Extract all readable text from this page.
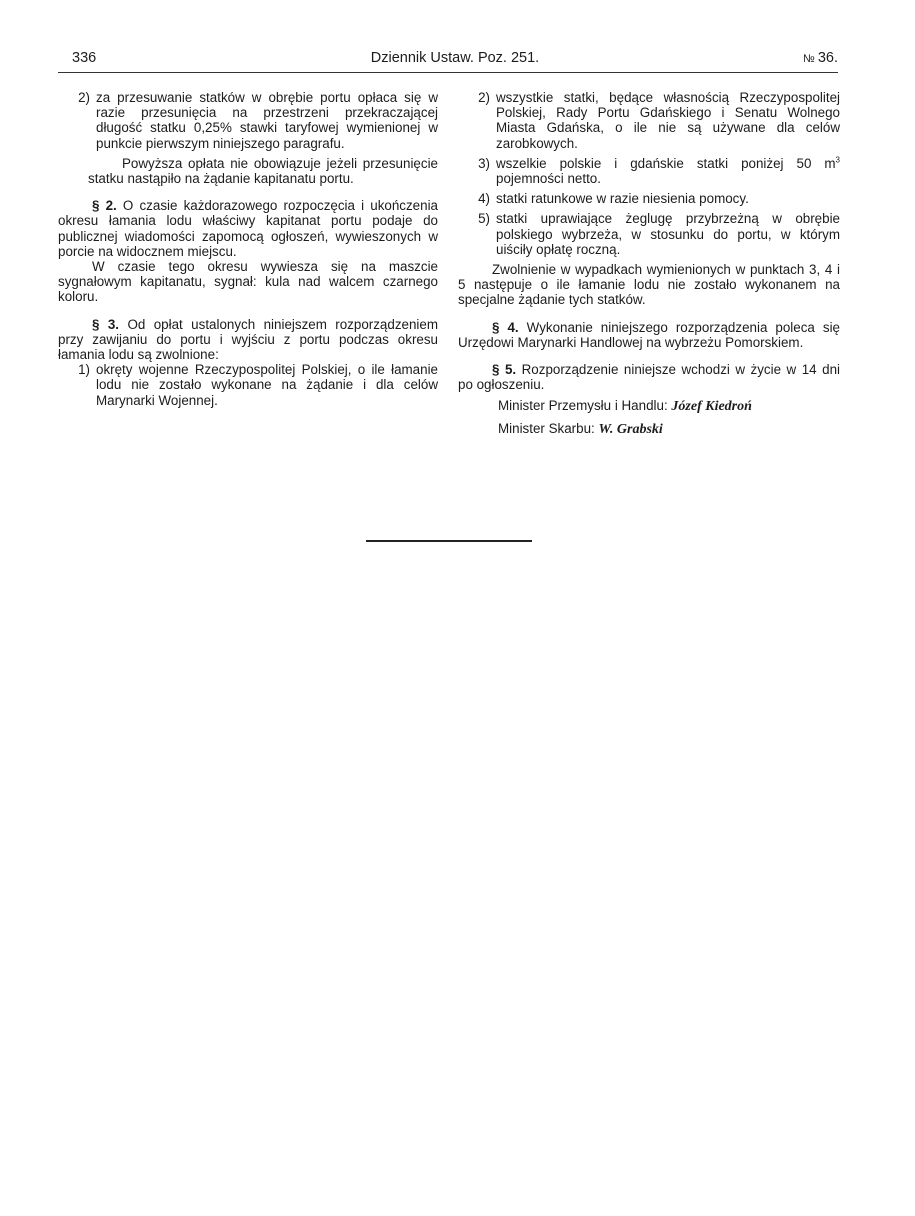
336	Dziennik Ustaw. Poz. 251.	№ 36.
2) za przesuwanie statków w obrębie portu opłaca się w razie przesunięcia na przestrzeni przekraczającej długość statku 0,25% stawki taryfowej wymienionej w punkcie pierwszym niniejszego paragrafu.

Powyższa opłata nie obowiązuje jeżeli przesunięcie statku nastąpiło na żądanie kapitanatu portu.

§ 2. O czasie każdorazowego rozpoczęcia i ukończenia okresu łamania lodu właściwy kapitanat portu podaje do publicznej wiadomości zapomocą ogłoszeń, wywieszonych w porcie na widocznem miejscu.

W czasie tego okresu wywiesza się na maszcie sygnałowym kapitanatu, sygnał: kula nad walcem czarnego koloru.

§ 3. Od opłat ustalonych niniejszem rozporządzeniem przy zawijaniu do portu i wyjściu z portu podczas okresu łamania lodu są zwolnione:

1) okręty wojenne Rzeczypospolitej Polskiej, o ile łamanie lodu nie zostało wykonane na żądanie i dla celów Marynarki Wojennej.
2) wszystkie statki, będące własnością Rzeczypospolitej Polskiej, Rady Portu Gdańskiego i Senatu Wolnego Miasta Gdańska, o ile nie są używane dla celów zarobkowych.
3) wszelkie polskie i gdańskie statki poniżej 50 $m^3$ pojemności netto.
4) statki ratunkowe w razie niesienia pomocy.
5) statki uprawiające żeglugę przybrzeżną w obrębie polskiego wybrzeża, w stosunku do portu, w którym uiściły opłatę roczną.

Zwolnienie w wypadkach wymienionych w punktach 3, 4 i 5 następuje o ile łamanie lodu nie zostało wykonanem na specjalne żądanie tych statków.

§ 4. Wykonanie niniejszego rozporządzenia poleca się Urzędowi Marynarki Handlowej na wybrzeżu Pomorskiem.

§ 5. Rozporządzenie niniejsze wchodzi w życie w 14 dni po ogłoszeniu.

Minister Przemysłu i Handlu: Józef Kiedroń

Minister Skarbu: W. Grabski
